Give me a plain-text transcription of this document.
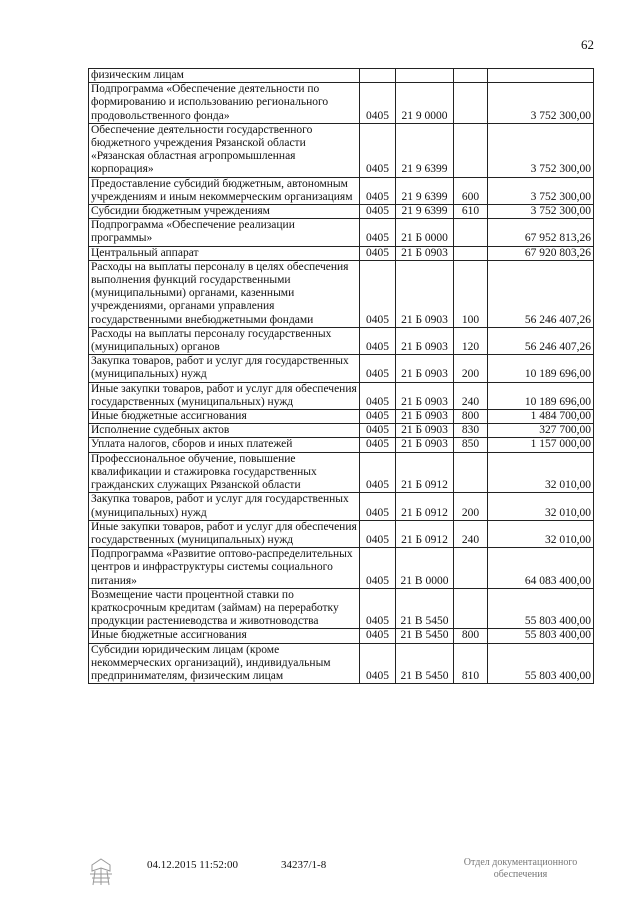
62
физическим лицам				
Подпрограмма «Обеспечение деятельности по формированию и использованию регионального продовольственного фонда»	0405	21 9 0000		3 752 300,00
Обеспечение деятельности государственного бюджетного учреждения Рязанской области «Рязанская областная агропромышленная корпорация»	0405	21 9 6399		3 752 300,00
Предоставление субсидий бюджетным, автономным учреждениям и иным некоммерческим организациям	0405	21 9 6399	600	3 752 300,00
Субсидии бюджетным учреждениям	0405	21 9 6399	610	3 752 300,00
Подпрограмма «Обеспечение реализации программы»	0405	21 Б 0000		67 952 813,26
Центральный аппарат	0405	21 Б 0903		67 920 803,26
Расходы на выплаты персоналу в целях обеспечения выполнения функций государственными (муниципальными) органами, казенными учреждениями, органами управления государственными внебюджетными фондами	0405	21 Б 0903	100	56 246 407,26
Расходы на выплаты персоналу государственных (муниципальных) органов	0405	21 Б 0903	120	56 246 407,26
Закупка товаров, работ и услуг для государственных (муниципальных) нужд	0405	21 Б 0903	200	10 189 696,00
Иные закупки товаров, работ и услуг для обеспечения государственных (муниципальных) нужд	0405	21 Б 0903	240	10 189 696,00
Иные бюджетные ассигнования	0405	21 Б 0903	800	1 484 700,00
Исполнение судебных актов	0405	21 Б 0903	830	327 700,00
Уплата налогов, сборов и иных платежей	0405	21 Б 0903	850	1 157 000,00
Профессиональное обучение, повышение квалификации и стажировка государственных гражданских служащих Рязанской области	0405	21 Б 0912		32 010,00
Закупка товаров, работ и услуг для государственных (муниципальных) нужд	0405	21 Б 0912	200	32 010,00
Иные закупки товаров, работ и услуг для обеспечения государственных (муниципальных) нужд	0405	21 Б 0912	240	32 010,00
Подпрограмма «Развитие оптово-распределительных центров и инфраструктуры системы социального питания»	0405	21 В 0000		64 083 400,00
Возмещение части процентной ставки по краткосрочным кредитам (займам) на переработку продукции растениеводства и животноводства	0405	21 В 5450		55 803 400,00
Иные бюджетные ассигнования	0405	21 В 5450	800	55 803 400,00
Субсидии юридическим лицам (кроме некоммерческих организаций), индивидуальным предпринимателям, физическим лицам	0405	21 В 5450	810	55 803 400,00
04.12.2015 11:52:00	34237/1-8	Отдел документационного
обеспечения
